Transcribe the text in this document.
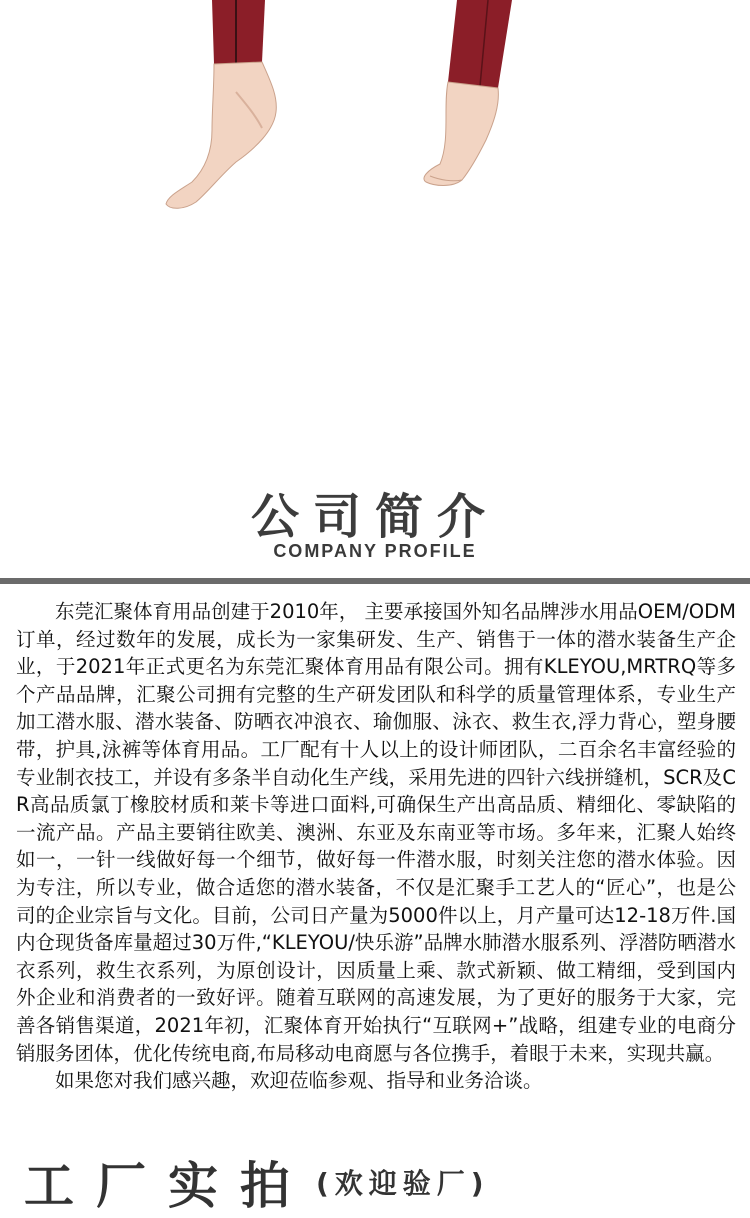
公司简介
COMPANY PROFILE

东莞汇聚体育用品创建于2010年， 主要承接国外知名品牌涉水用品OEM/ODM订单，经过数年的发展，成长为一家集研发、生产、销售于一体的潜水装备生产企业，于2021年正式更名为东莞汇聚体育用品有限公司。拥有KLEYOU,MRTRQ等多个产品品牌，汇聚公司拥有完整的生产研发团队和科学的质量管理体系，专业生产加工潜水服、潜水装备、防晒衣冲浪衣、瑜伽服、泳衣、救生衣,浮力背心，塑身腰带，护具,泳裤等体育用品。工厂配有十人以上的设计师团队，二百余名丰富经验的专业制衣技工，并设有多条半自动化生产线，采用先进的四针六线拼缝机，SCR及CR高品质氯丁橡胶材质和莱卡等进口面料,可确保生产出高品质、精细化、零缺陷的一流产品。产品主要销往欧美、澳洲、东亚及东南亚等市场。多年来，汇聚人始终如一，一针一线做好每一个细节，做好每一件潜水服，时刻关注您的潜水体验。因为专注，所以专业，做合适您的潜水装备，不仅是汇聚手工艺人的“匠心”，也是公司的企业宗旨与文化。目前，公司日产量为5000件以上，月产量可达12-18万件.国内仓现货备库量超过30万件,“KLEYOU/快乐游”品牌水肺潜水服系列、浮潜防晒潜水衣系列，救生衣系列，为原创设计，因质量上乘、款式新颖、做工精细，受到国内外企业和消费者的一致好评。随着互联网的高速发展，为了更好的服务于大家，完善各销售渠道，2021年初，汇聚体育开始执行“互联网+”战略，组建专业的电商分销服务团体，优化传统电商,布局移动电商愿与各位携手，着眼于未来，实现共赢。

如果您对我们感兴趣，欢迎莅临参观、指导和业务洽谈。

工厂实拍 (欢迎验厂)
